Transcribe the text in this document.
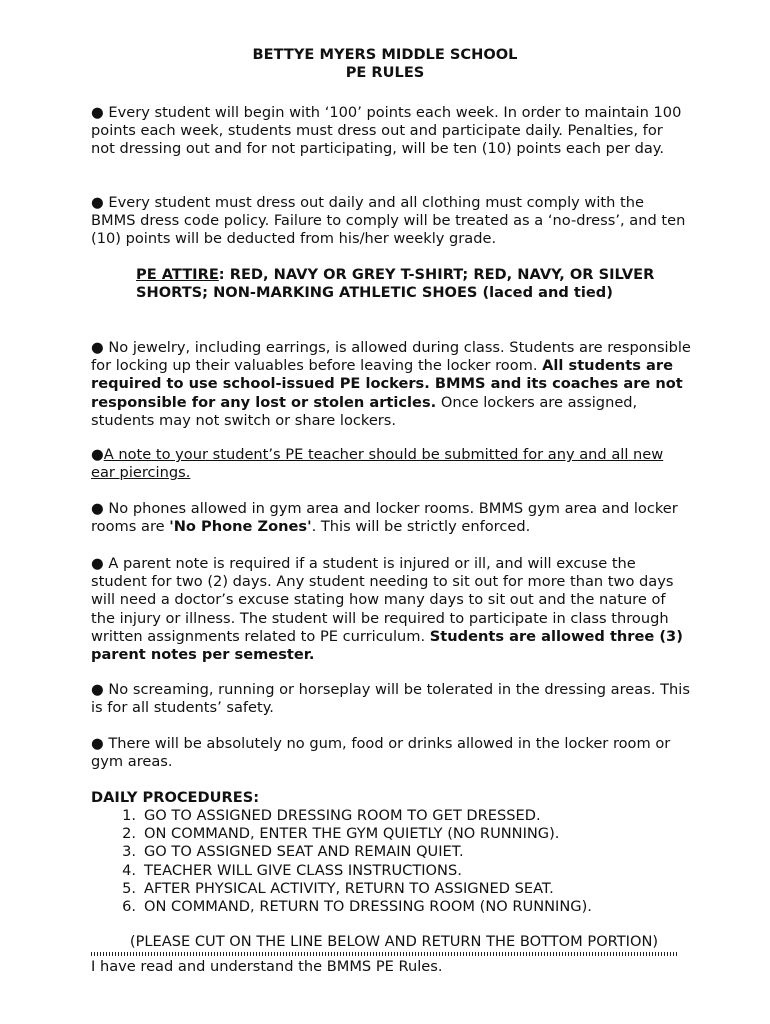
BETTYE MYERS MIDDLE SCHOOL
PE RULES

● Every student will begin with ‘100’ points each week. In order to maintain 100 points each week, students must dress out and participate daily. Penalties, for not dressing out and for not participating, will be ten (10) points each per day.

● Every student must dress out daily and all clothing must comply with the BMMS dress code policy. Failure to comply will be treated as a ‘no-dress’, and ten (10) points will be deducted from his/her weekly grade.

PE ATTIRE: RED, NAVY OR GREY T-SHIRT; RED, NAVY, OR SILVER SHORTS; NON-MARKING ATHLETIC SHOES (laced and tied)

● No jewelry, including earrings, is allowed during class. Students are responsible for locking up their valuables before leaving the locker room. All students are required to use school-issued PE lockers. BMMS and its coaches are not responsible for any lost or stolen articles. Once lockers are assigned, students may not switch or share lockers.

●A note to your student’s PE teacher should be submitted for any and all new ear piercings.

● No phones allowed in gym area and locker rooms. BMMS gym area and locker rooms are 'No Phone Zones'. This will be strictly enforced.

● A parent note is required if a student is injured or ill, and will excuse the student for two (2) days. Any student needing to sit out for more than two days will need a doctor’s excuse stating how many days to sit out and the nature of the injury or illness. The student will be required to participate in class through written assignments related to PE curriculum. Students are allowed three (3) parent notes per semester.

● No screaming, running or horseplay will be tolerated in the dressing areas. This is for all students’ safety.

● There will be absolutely no gum, food or drinks allowed in the locker room or gym areas.

DAILY PROCEDURES:

1. GO TO ASSIGNED DRESSING ROOM TO GET DRESSED.
2. ON COMMAND, ENTER THE GYM QUIETLY (NO RUNNING).
3. GO TO ASSIGNED SEAT AND REMAIN QUIET.
4. TEACHER WILL GIVE CLASS INSTRUCTIONS.
5. AFTER PHYSICAL ACTIVITY, RETURN TO ASSIGNED SEAT.
6. ON COMMAND, RETURN TO DRESSING ROOM (NO RUNNING).

(PLEASE CUT ON THE LINE BELOW AND RETURN THE BOTTOM PORTION)

I have read and understand the BMMS PE Rules.
